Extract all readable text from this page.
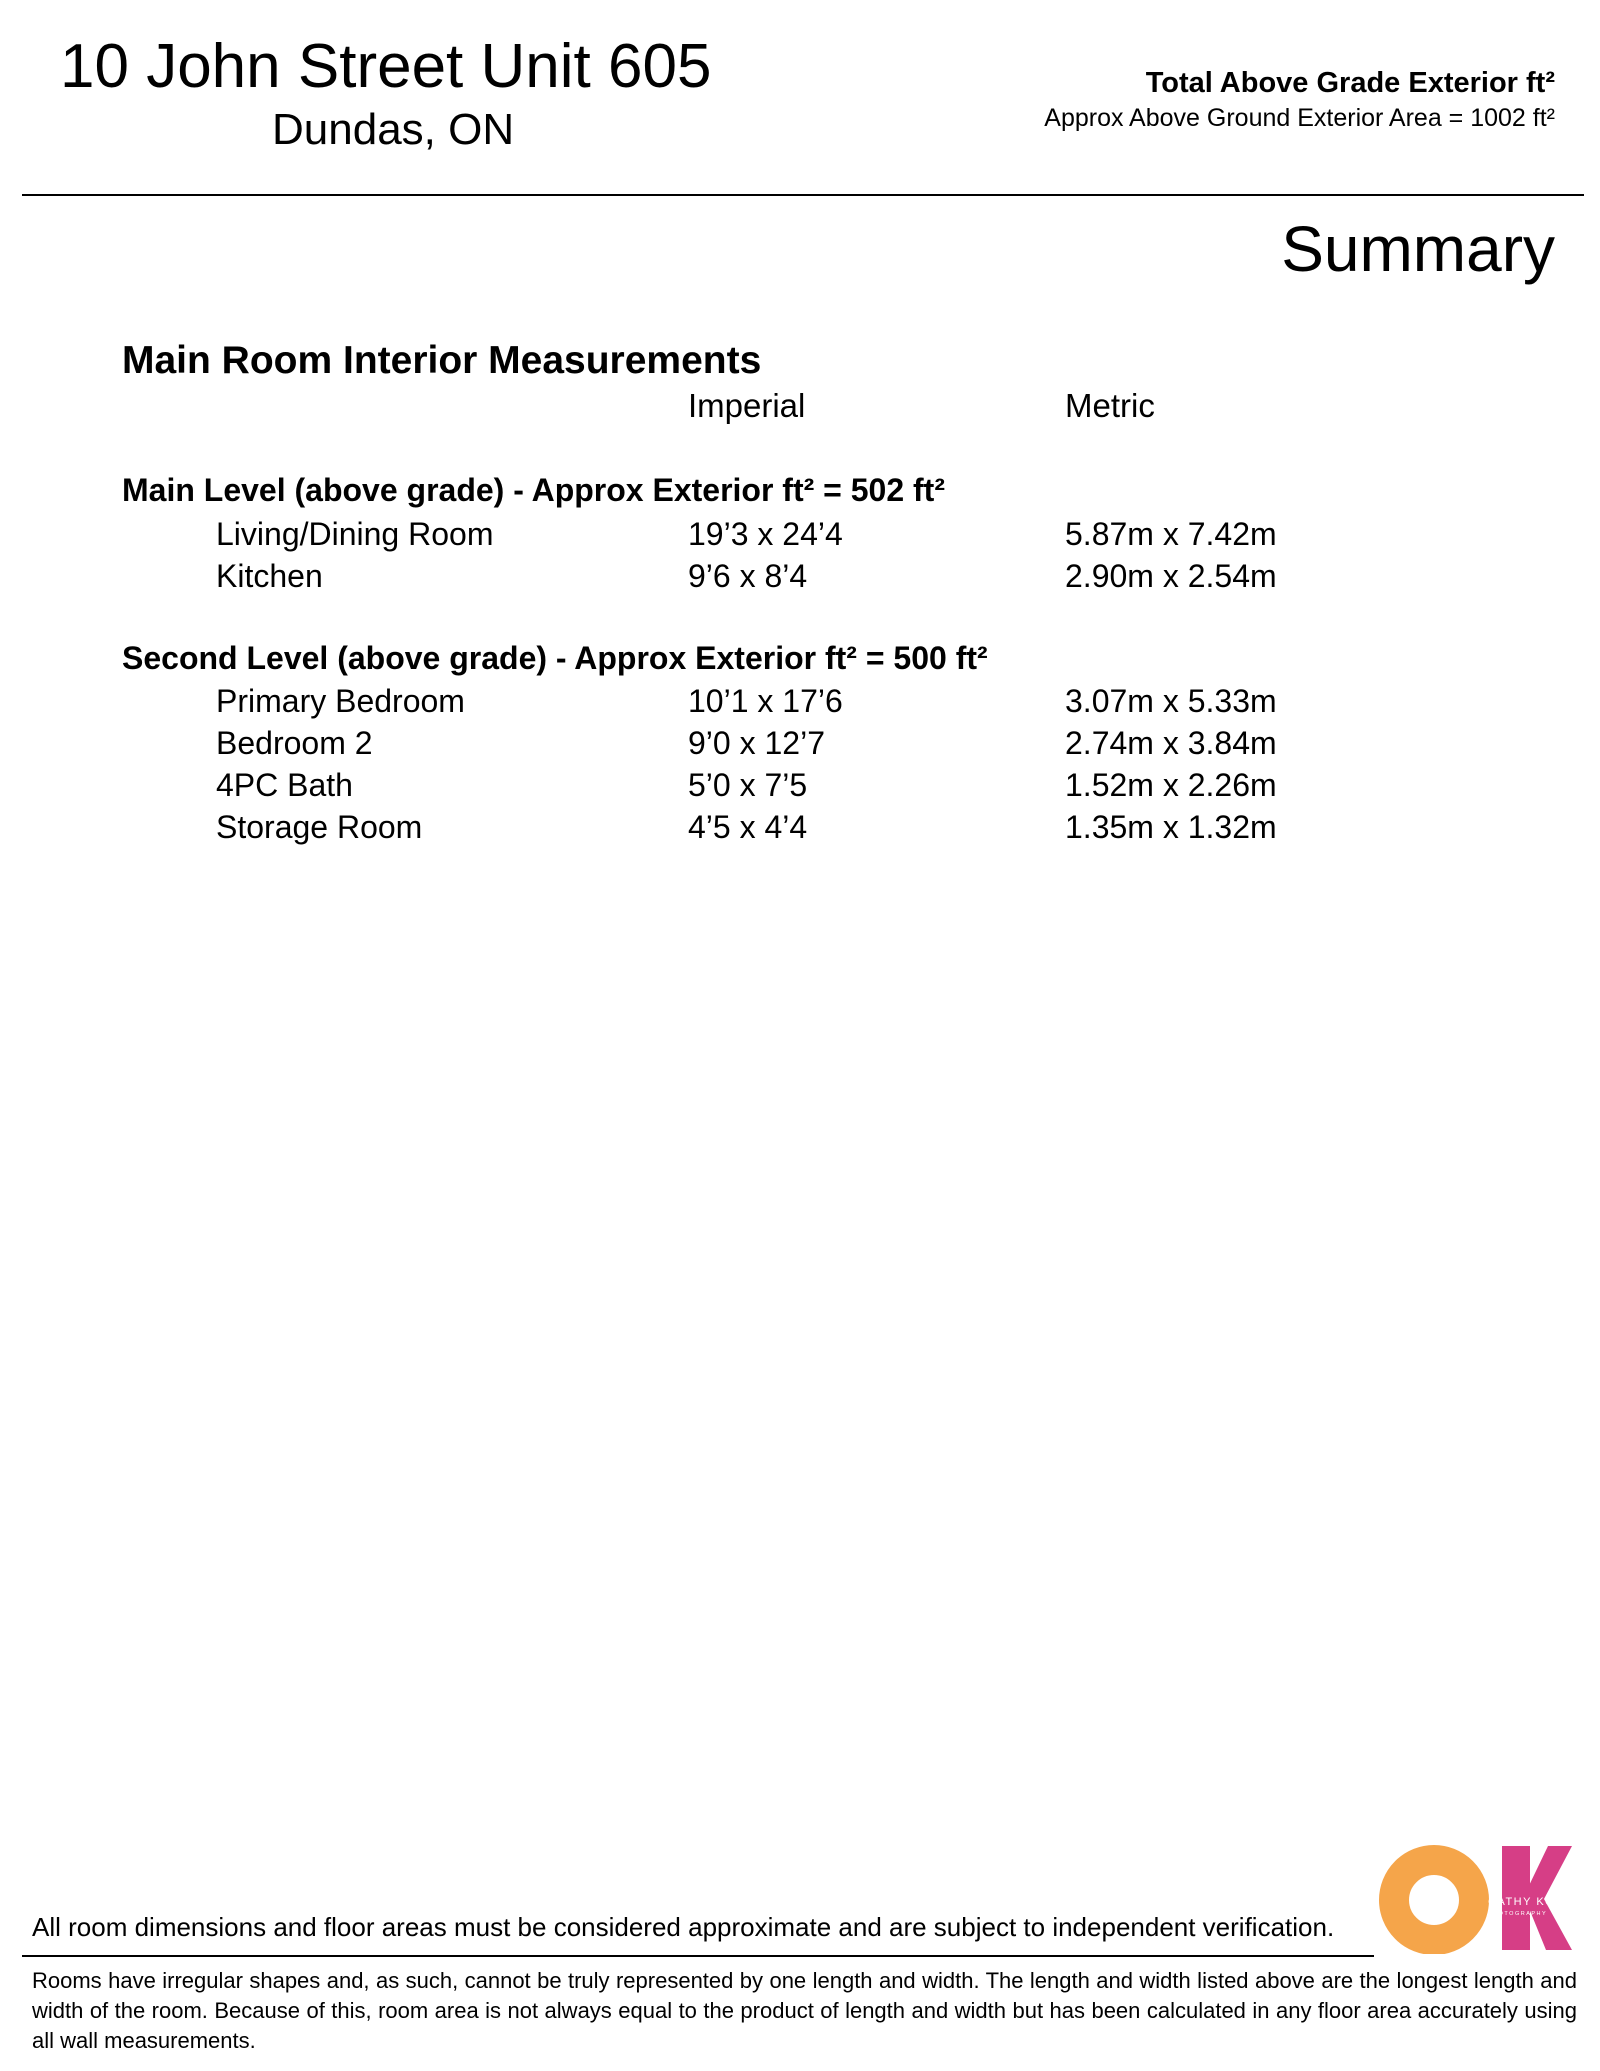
10 John Street Unit 605
Dundas, ON
Total Above Grade Exterior ft²
Approx Above Ground Exterior Area = 1002 ft²
Summary
Main Room Interior Measurements
Imperial	Metric
Main Level (above grade) - Approx Exterior ft² = 502 ft²
Living/Dining Room	19’3 x 24’4	5.87m x 7.42m
Kitchen	9’6 x 8’4	2.90m x 2.54m
Second Level (above grade) - Approx Exterior ft² = 500 ft²
Primary Bedroom	10’1 x 17’6	3.07m x 5.33m
Bedroom 2	9’0 x 12’7	2.74m x 3.84m
4PC Bath	5’0 x 7’5	1.52m x 2.26m
Storage Room	4’5 x 4’4	1.35m x 1.32m
CATHY KOOP
PHOTOGRAPHY
All room dimensions and floor areas must be considered approximate and are subject to independent verification.
Rooms have irregular shapes and, as such, cannot be truly represented by one length and width. The length and width listed above are the longest length and width of the room. Because of this, room area is not always equal to the product of length and width but has been calculated in any floor area accurately using all wall measurements.
